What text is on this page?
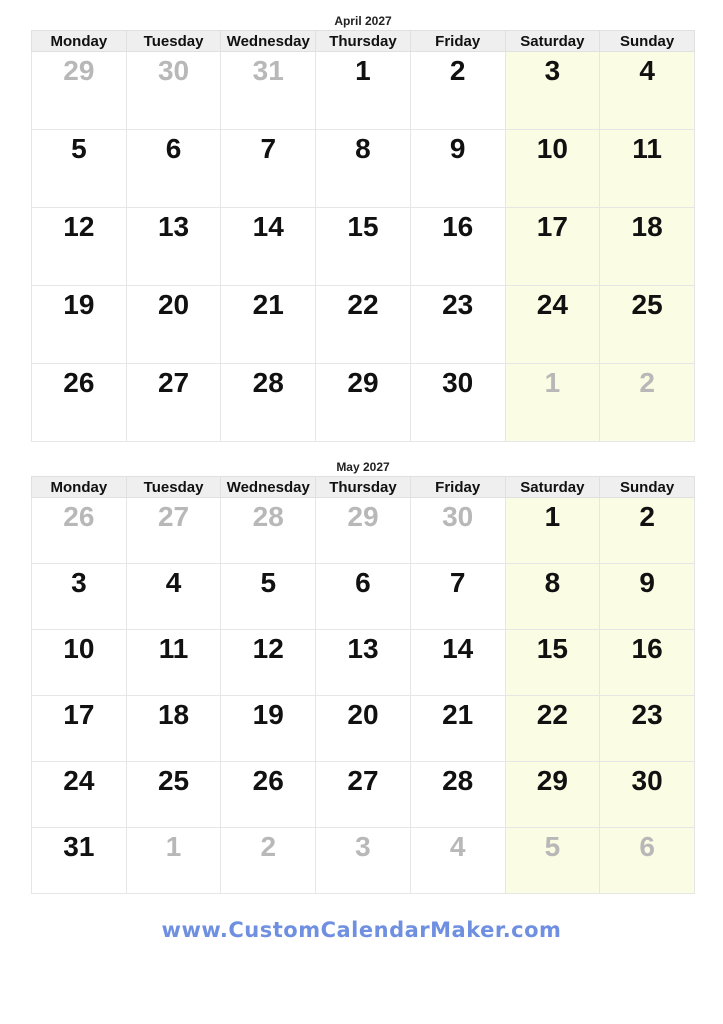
April 2027
Monday	Tuesday	Wednesday	Thursday	Friday	Saturday	Sunday
29	30	31	1	2	3	4
5	6	7	8	9	10	11
12	13	14	15	16	17	18
19	20	21	22	23	24	25
26	27	28	29	30	1	2
May 2027
Monday	Tuesday	Wednesday	Thursday	Friday	Saturday	Sunday
26	27	28	29	30	1	2
3	4	5	6	7	8	9
10	11	12	13	14	15	16
17	18	19	20	21	22	23
24	25	26	27	28	29	30
31	1	2	3	4	5	6
www.CustomCalendarMaker.com
